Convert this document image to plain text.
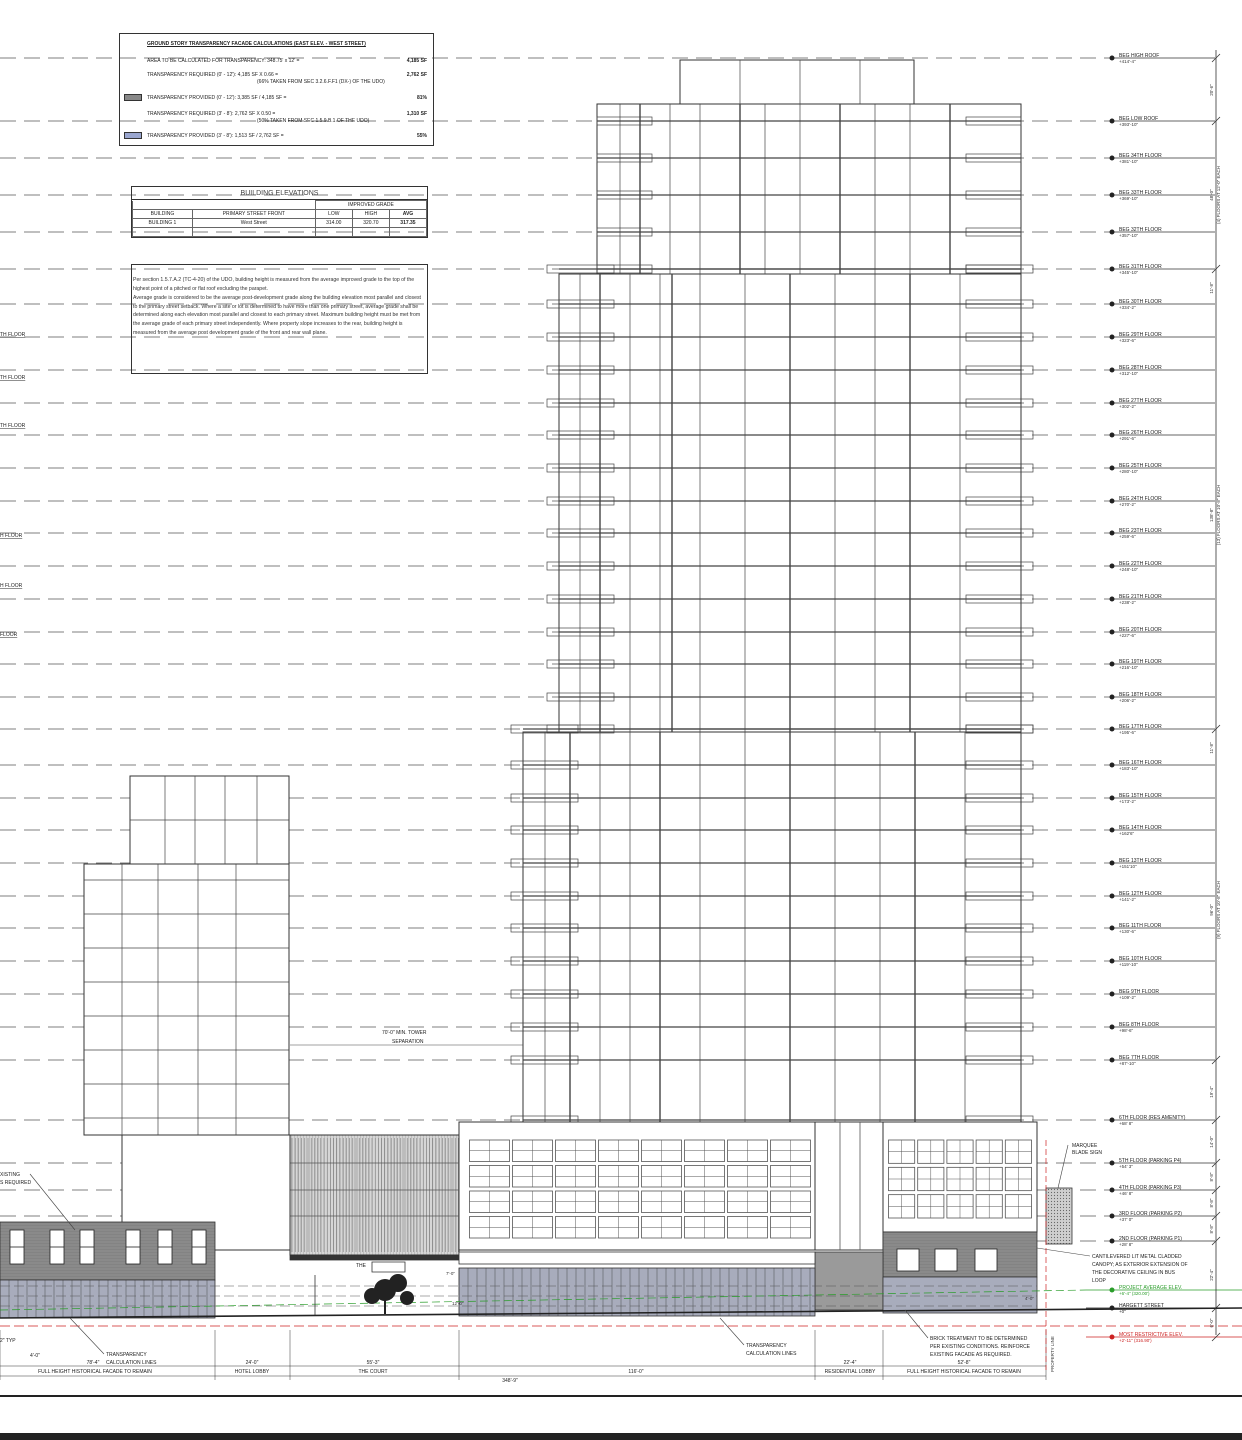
BEG HIGH ROOF
+414'-4"
BEG LOW ROOF
+393'-10"
BEG 34TH FLOOR
+381'-10"
BEG 33TH FLOOR
+369'-10"
BEG 32TH FLOOR
+357'-10"
BEG 31TH FLOOR
+345'-10"
BEG 30TH FLOOR
+334'-2"
BEG 29TH FLOOR
+323'-6"
BEG 28TH FLOOR
+312'-10"
BEG 27TH FLOOR
+302'-2"
BEG 26TH FLOOR
+291'-6"
BEG 25TH FLOOR
+280'-10"
BEG 24TH FLOOR
+270'-2"
BEG 23TH FLOOR
+259'-6"
BEG 22TH FLOOR
+248'-10"
BEG 21TH FLOOR
+238'-2"
BEG 20TH FLOOR
+227'-6"
BEG 19TH FLOOR
+216'-10"
BEG 18TH FLOOR
+206'-2"
BEG 17TH FLOOR
+195'-6"
BEG 16TH FLOOR
+183'-10"
BEG 15TH FLOOR
+173'-2"
BEG 14TH FLOOR
+162'6"
BEG 13TH FLOOR
+151'10"
BEG 12TH FLOOR
+141'-2"
BEG 11TH FLOOR
+130'-6"
BEG 10TH FLOOR
+119'-10"
BEG 9TH FLOOR
+109'-2"
BEG 8TH FLOOR
+98'-6"
BEG 7TH FLOOR
+87'-10"
6TH FLOOR (RES AMENITY)
+68' 8"
5TH FLOOR (PARKING P4)
+54' 3"
4TH FLOOR (PARKING P3)
+46' 8"
3RD FLOOR (PARKING P2)
+37' 0"
2ND FLOOR (PARKING P1)
+28' 8"
PROJECT AVERAGE ELEV.
+6'-4" (320.00')
HARGETT STREET
+0"
MOST RESTRICTIVE ELEV.
+2'-11" (316.90')
20'-6"
48'-0" (4) FLOORS AT 12'-0" EACH
11'-8"
138'-8" (13) FLOORS AT 10'-8" EACH
11'-8"
96'-0" (9) FLOORS AT 10'-8" EACH
19'-4"
14'-0"
8'-8"
8'-8"
8'-8"
22'-4"
6'-0"
4'-0"
78'-4"
FULL HEIGHT HISTORICAL FACADE TO REMAIN
24'-0"
HOTEL LOBBY
55'-3"
THE COURT	116'-0"
22'-4"
RESIDENTIAL LOBBY
52'-8"
FULL HEIGHT HISTORICAL FACADE TO REMAIN
348'-9"
TH FLOOR
TH FLOOR
TH FLOOR
H FLOOR
H FLOOR
FLOOR
70'-0" MIN. TOWER
SEPARATION
XISTING
S REQUIRED
MARQUEE
BLADE SIGN
CANTILEVERED LIT METAL CLADDED
CANOPY; AS EXTERIOR EXTENSION OF
THE DECORATIVE CEILING IN BUS
LOOP
BRICK TREATMENT TO BE DETERMINED
PER EXISTING CONDITIONS. REINFORCE
EXISTING FACADE AS REQUIRED.
TRANSPARENCY
CALCULATION LINES
TRANSPARENCY
CALCULATION LINES	PROPERTY LINE
THE
2" TYP
7'-0"
12'-0"
4'-0"
GROUND STORY TRANSPARENCY FACADE CALCULATIONS (EAST ELEV. - WEST STREET)
AREA TO BE CALCULATED FOR TRANSPARENCY: 348.75' x 12' =	4,185 SF
TRANSPARENCY REQUIRED (0' - 12'): 4,185 SF X 0.66 =	2,762 SF
(66% TAKEN FROM SEC 3.2.6.F.F1 (DX-) OF THE UDO)
TRANSPARENCY PROVIDED (0' - 12'): 3,385 SF / 4,185 SF =	81%
TRANSPARENCY REQUIRED (3' - 8'): 2,762 SF X 0.50 =	1,310 SF
(50% TAKEN FROM SEC 1.5.9.B.1 OF THE UDO)
TRANSPARENCY PROVIDED (3' - 8'): 1,513 SF / 2,762 SF =	55%
BUILDING ELEVATIONS
		IMPROVED GRADE		
BUILDING	PRIMARY STREET FRONT	LOW	HIGH	AVG
BUILDING 1	West Street	314.00	320.70	317.35

Per section 1.5.7.A.2 (TC-4-20) of the UDO, building height is measured from the average improved grade to the top of the highest point of a pitched or flat roof excluding the parapet.

Average grade is considered to be the average post-development grade along the building elevation most parallel and closest to the primary street setback. Where a site or lot is determined to have more than one primary street, average grade shall be determined along each elevation most parallel and closest to each primary street. Maximum building height must be met from the average grade of each primary street independently. Where property slope increases to the rear, building height is measured from the average post development grade of the front and rear wall plane.
